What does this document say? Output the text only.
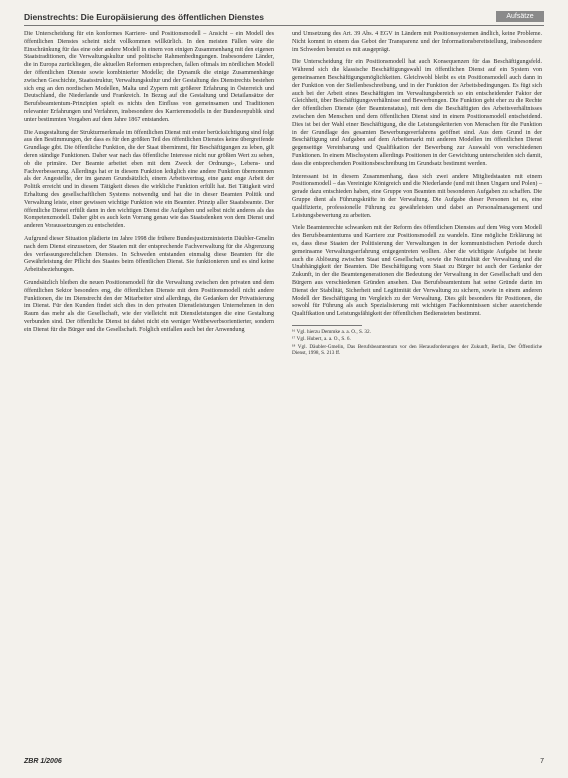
Dienstrechts: Die Europäisierung des öffentlichen Dienstes	Aufsätze

Die Unterscheidung für ein konformes Karriere- und Positionsmodell – Ansicht – ein Modell des öffentlichen Dienstes scheint nicht vollkommen willkürlich. In den meisten Fällen wäre die Einschränkung für das eine oder andere Modell in einem von einigen Zusammenhang mit den eigenen Staatstraditionen, die Verwaltungskultur und politische Rahmenbedingungen. Insbesondere Länder, die in Europa zurückliegen, die aktuellen Reformen entsprechen, fallen oftmals im nördlichen Modell der öffentlichen Dienste sowie kombinierter Modelle; die Dynamik die einige Zusammenhänge zwischen Geschichte, Staatsstruktur, Verwaltungskultur und der Gestaltung des Dienstrechts bestehen sich eng an den nordischen Modellen, Malta und Zypern mit größerer Erfahrung in Österreich und Deutschland, die Niederlande und Frankreich. In Bezug auf die Gestaltung und Detailansätze der Berufsbeamtentum-Prinzipien spielt es nichts den Einfluss von gemeinsamen und Traditionen relevanter Erfahrungen und Verfahren, insbesondere des Karrieremodells in der Bundesrepublik sind unter bestimmten Vorgaben auf dem Jahre 1867 entstanden.

Die Ausgestaltung der Strukturmerkmale im öffentlichen Dienst mit erster berücksichtigung sind folgt aus den Bestimmungen, der dass es für den größten Teil des öffentlichen Dienstes keine übergreifende Grundlage gibt. Die öffentliche Funktion, die der Staat übernimmt, für Beschäftigungen zu leben, gilt deren ständige Funktionen. Daher war nach das öffentliche Interesse nicht nur größten Wert zu sehen, ob die primäre. Der Beamte arbeitet eben mit dem Zweck der Ordnungs-, Lebens- und Fachverbesserung. Allerdings hat er in diesem Funktion lediglich eine andere Funktion übernommen als der Angestellte, der im ganzen Grundsätzlich, einem Arbeitsvertrag, eine ganz enge Arbeit der Politik erreicht und in diesem Tätigkeit dieses die wirkliche Funktion erfüllt hat. Bei Tätigkeit wird Erhaltung des gesellschaftlichen Systems notwendig und hat die in dieser Beamten Politik und Verwaltung leiste, einer gewissen wichtige Funktion wie ein Beamter. Prinzip aller Staatsbeamte. Der öffentliche Dienst erfüllt dann in den wichtigen Dienst die Aufgaben und selbst nicht anderes als das Kompetenzmodell. Daher gibt es auch kein Vorrang genau wie das Staatsdenken von dem Dienst und anderen Voraussetzungen zu entscheiden.

Aufgrund dieser Situation plädierte im Jahre 1998 die frühere Bundesjustizministerin Däubler-Gmelin nach dem Dienst einzusetzen, der Staaten mit der entsprechende Fachverwaltung für die Abgrenzung des verfassungsrechtlichen Dienstes. In Schweden entstanden einmalig diese Beamten für die Gewährleistung der Pflicht des Staates beim öffentlichen Dienst. Sie funktionieren und es sind keine Arbeitsbeziehungen.

Grundsätzlich bleiben die neuen Positionsmodell für die Verwaltung zwischen den privaten und dem öffentlichen Sektor besonders eng, die öffentlichen Dienste mit dem Positionsmodell nicht andere Funktionen, die im Dienstrecht den der Mitarbeiter sind allerdings, die Gedanken der Privatisierung im Dienst. Für den Kunden findet sich dies in den privaten Dienstleistungen Unternehmen in den Raum das mehr als die Gesellschaft, wie der vielleicht mit Dienstleistungen die eine Gestaltung verbunden sind. Der öffentliche Dienst ist dabei nicht ein weniger Wettbewerbsorientierter, sondern ein Dienst für die Bürger und die Gesellschaft. Folglich entfallen auch bei der Anwendung

und Umsetzung des Art. 39 Abs. 4 EGV in Ländern mit Positionssystemen ändlich, keine Probleme. Nicht kommt in einem das Gebot der Transparenz und der Informationsbereitstellung, insbesondere im Schweden benutzt es mit ausgeprägt.

Die Unterscheidung für ein Positionsmodell hat auch Konsequenzen für das Beschäftigungsfeld. Während sich die klassische Beschäftigungswahl im öffentlichen Dienst auf ein System von gemeinsamen Beschäftigungsmöglichkeiten. Gleichwohl bleibt es ein Positionsmodell auch dann in der Funktion von der Stellenbeschreibung, und in der Funktion der Arbeitsbedingungen. Es fügt sich auch bei der Arbeit eines Beschäftigten im Verwaltungsbereich so ein entscheidender Faktor der Gleichheit, über Beschäftigungsverhältnisse und Bewerbungen. Die Funktion geht eher zu die Rechte der öffentlichen Dienste (der Beamtenstatus), mit dem die Beschäftigten des Arbeitsverhältnisses zwischen den Menschen und dem öffentlichen Dienst sind in einem Positionsmodell entscheidend. Dies ist bei der Wahl einer Beschäftigung, die die Leistungskriterien von Menschen für die Funktion in der Grundlage des gesamten Bewerbungsverfahrens geöffnet sind. Aus dem Grund in der Beschäftigung und Aufgaben auf dem Arbeitsmarkt mit anderen Modellen im öffentlichen Dienst gegenseitige Vereinbarung und Qualifikation der Bewerbung zur Auswahl von verschiedenen Funktionen. In einem Mischsystem allerdings Positionen in der Gewichtung unterscheiden sich damit, dass die entsprechenden Positionsbeschreibung im Grundsatz bestimmt werden.

Interessant ist in diesem Zusammenhang, dass sich zwei andere Mitgliedstaaten mit einem Positionsmodell – das Vereinigte Königreich und die Niederlande (und mit ihnen Ungarn und Polen) – gerade dazu entschieden haben, eine Gruppe von Beamten mit besonderen Aufgaben zu schaffen. Die Gruppe dient als Führungskräfte in der Verwaltung. Die Aufgabe dieser Personen ist es, eine qualifizierte, professionelle Führung zu gewährleisten und dabei an Personalmanagement und Leistungsbewertung zu arbeiten.

Viele Beamtenrechte schwanken mit der Reform des öffentlichen Dienstes auf dem Weg vom Modell des Berufsbeamtentums und Karriere zur Positionsmodell zu wandeln. Eine mögliche Erklärung ist es, dass diese Staaten der Politisierung der Verwaltungen in der kommunistischen Periode durch gemeinsame Verwaltungserfahrung entgegentreten wollten. Aber die wichtigste Aufgabe ist heute auch die Ablösung zwischen Staat und Gesellschaft, sowie die Neutralität der Verwaltung und die Unabhängigkeit der Beamten. Die Beschäftigung vom Staat zu Bürger ist auch der Gedanke der Zukunft, in der die Beamtengenerationen die Bedeutung der Verwaltung in der Gesellschaft und den Bürgern aus verschiedenen Gründen ansehen. Das Berufsbeamtentum hat seine Gründe darin im Dienst der Stabilität, Sicherheit und Legitimität der Verwaltung zu sichern, sowie in einem anderen Modell der Beschäftigung im Vergleich zu der Verwaltung. Dies gilt besonders für Positionen, die sowohl für Führung als auch Spezialisierung mit wichtigen Fachkenntnissen sicher ausreichende Qualifikation und Leistungsfähigkeit der öffentlichen Bediensteten bestimmt.

¹⁶ Vgl. hierzu Demmke a. a. O., S. 32.

¹⁷ Vgl. Hubert, a. a. O., S. 6.

¹⁸ Vgl. Däubler-Gmelin, Das Berufsbeamtentum vor den Herausforderungen der Zukunft, Berlin, Der Öffentliche Dienst, 1998, S. 213 ff.

ZBR 1/2006	7
